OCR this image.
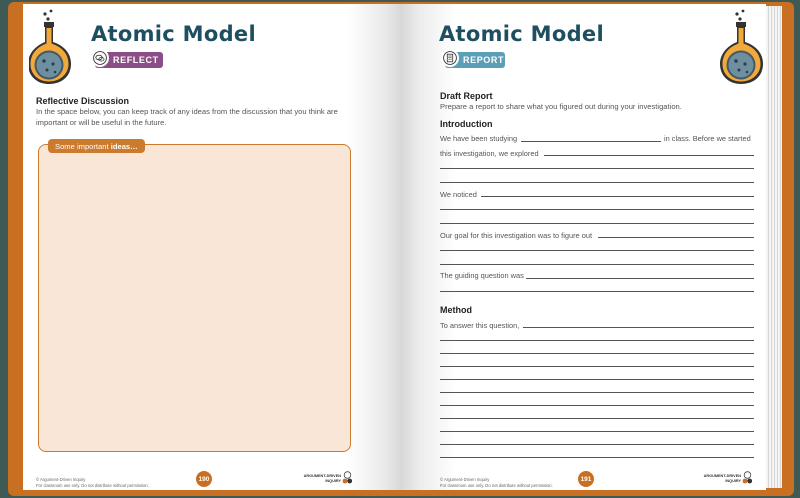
Atomic Model
REFLECT
Reflective Discussion
In the space below, you can keep track of any ideas from the discussion that you think are important or will be useful in the future.
Some important ideas…
© Argument-Driven Inquiry
For classroom use only. Do not distribute without permission.
190	ARGUMENT-DRIVEN
INQUIRY
Atomic Model
REPORT
Draft Report
Prepare a report to share what you figured out during your investigation.
Introduction
We have been studying	in class. Before we started
this investigation, we explored
We noticed
Our goal for this investigation was to figure out
The guiding question was
Method
To answer this question,
© Argument-Driven Inquiry
For classroom use only. Do not distribute without permission.
191	ARGUMENT-DRIVEN
INQUIRY
